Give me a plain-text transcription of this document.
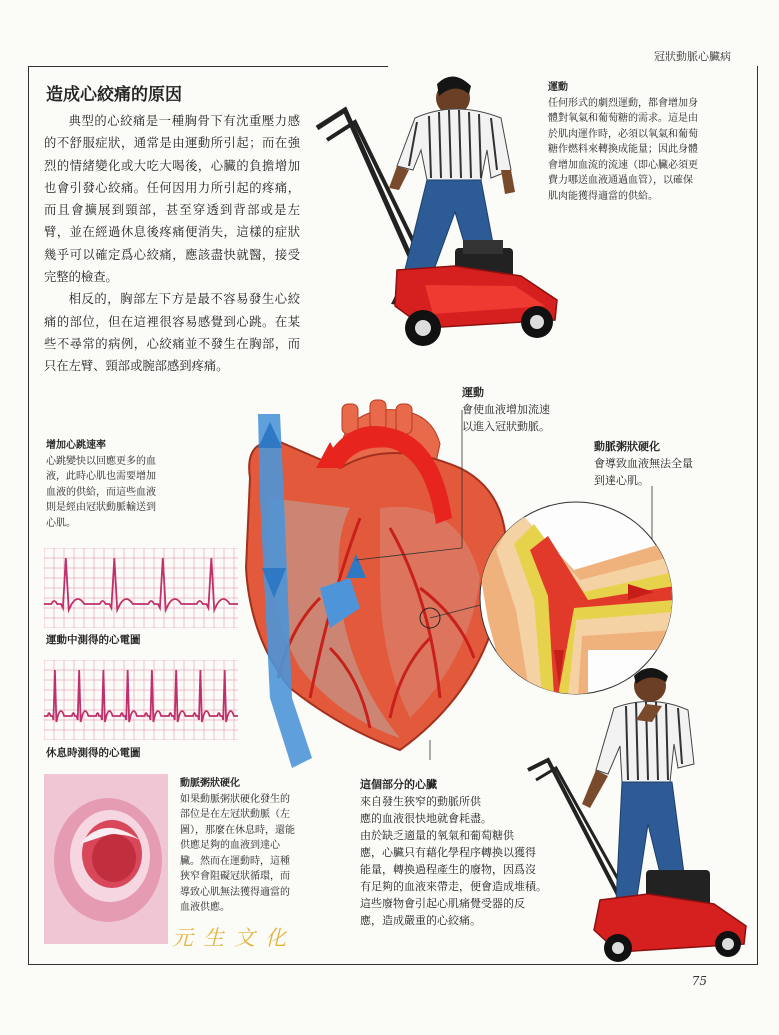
冠狀動脈心臟病
75
造成心絞痛的原因

典型的心絞痛是一種胸骨下有沈重壓力感的不舒服症狀，通常是由運動所引起；而在強烈的情緒變化或大吃大喝後，心臟的負擔增加也會引發心絞痛。任何因用力所引起的疼痛，而且會擴展到頸部，甚至穿透到背部或是左臂，並在經過休息後疼痛便消失，這樣的症狀幾乎可以確定爲心絞痛，應該盡快就醫，接受完整的檢查。

相反的，胸部左下方是最不容易發生心絞痛的部位，但在這裡很容易感覺到心跳。在某些不尋常的病例，心絞痛並不發生在胸部，而只在左臂、頸部或腕部感到疼痛。

運動
任何形式的劇烈運動，都會增加身
體對氧氣和葡萄糖的需求。這是由
於肌肉運作時，必須以氧氣和葡萄
糖作燃料來轉換成能量；因此身體
會增加血流的流速（即心臟必須更
費力哪送血液通過血管），以確保
肌肉能獲得適當的供給。
運動
會使血液增加流速
以進入冠狀動脈。
動脈粥狀硬化
會導致血液無法全量
到達心肌。
增加心跳速率
心跳變快以回應更多的血
液，此時心肌也需要增加
血液的供給，而這些血液
則是經由冠狀動脈輸送到
心肌。
運動中測得的心電圖
休息時測得的心電圖
這個部分的心臟
來自發生狹窄的動脈所供
應的血液很快地就會耗盡。
由於缺乏適量的氧氣和葡萄糖供
應，心臟只有藉化學程序轉換以獲得
能量，轉換過程產生的廢物，因爲沒
有足夠的血液來帶走，便會造成堆積。
這些廢物會引起心肌痛覺受器的反
應，造成嚴重的心絞痛。
動脈粥狀硬化
如果動脈粥狀硬化發生的
部位是在左冠狀動脈（左
圖），那麼在休息時，還能
供應足夠的血液到達心
臟。然而在運動時，這種
狹窄會阻礙冠狀循環，而
導致心肌無法獲得適當的
血液供應。
元生文化
